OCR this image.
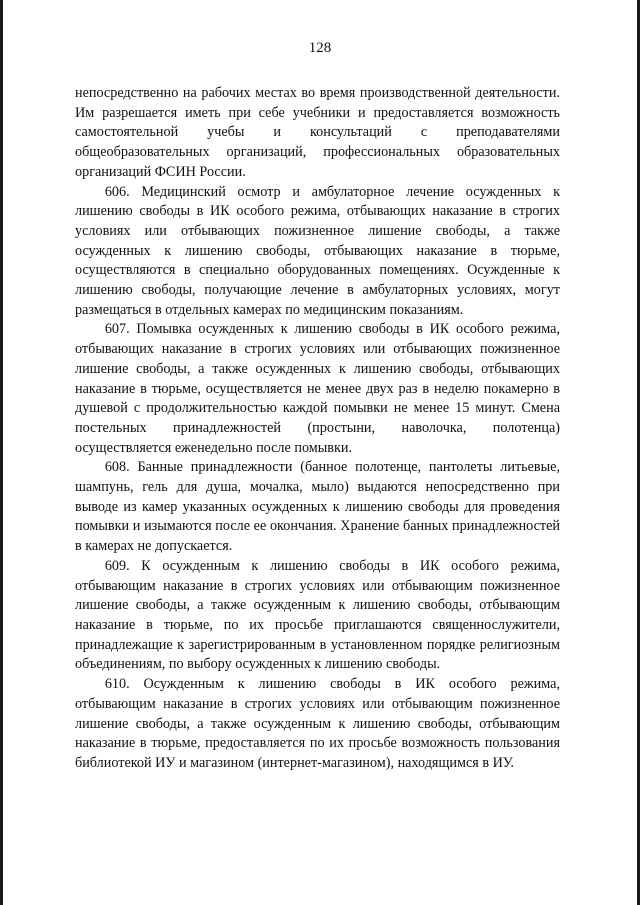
128

непосредственно на рабочих местах во время производственной деятельности. Им разрешается иметь при себе учебники и предоставляется возможность самостоятельной учебы и консультаций с преподавателями общеобразовательных организаций, профессиональных образовательных организаций ФСИН России.

606. Медицинский осмотр и амбулаторное лечение осужденных к лишению свободы в ИК особого режима, отбывающих наказание в строгих условиях или отбывающих пожизненное лишение свободы, а также осужденных к лишению свободы, отбывающих наказание в тюрьме, осуществляются в специально оборудованных помещениях. Осужденные к лишению свободы, получающие лечение в амбулаторных условиях, могут размещаться в отдельных камерах по медицинским показаниям.

607. Помывка осужденных к лишению свободы в ИК особого режима, отбывающих наказание в строгих условиях или отбывающих пожизненное лишение свободы, а также осужденных к лишению свободы, отбывающих наказание в тюрьме, осуществляется не менее двух раз в неделю покамерно в душевой с продолжительностью каждой помывки не менее 15 минут. Смена постельных принадлежностей (простыни, наволочка, полотенца) осуществляется еженедельно после помывки.

608. Банные принадлежности (банное полотенце, пантолеты литьевые, шампунь, гель для душа, мочалка, мыло) выдаются непосредственно при выводе из камер указанных осужденных к лишению свободы для проведения помывки и изымаются после ее окончания. Хранение банных принадлежностей в камерах не допускается.

609. К осужденным к лишению свободы в ИК особого режима, отбывающим наказание в строгих условиях или отбывающим пожизненное лишение свободы, а также осужденным к лишению свободы, отбывающим наказание в тюрьме, по их просьбе приглашаются священнослужители, принадлежащие к зарегистрированным в установленном порядке религиозным объединениям, по выбору осужденных к лишению свободы.

610. Осужденным к лишению свободы в ИК особого режима, отбывающим наказание в строгих условиях или отбывающим пожизненное лишение свободы, а также осужденным к лишению свободы, отбывающим наказание в тюрьме, предоставляется по их просьбе возможность пользования библиотекой ИУ и магазином (интернет-магазином), находящимся в ИУ.
